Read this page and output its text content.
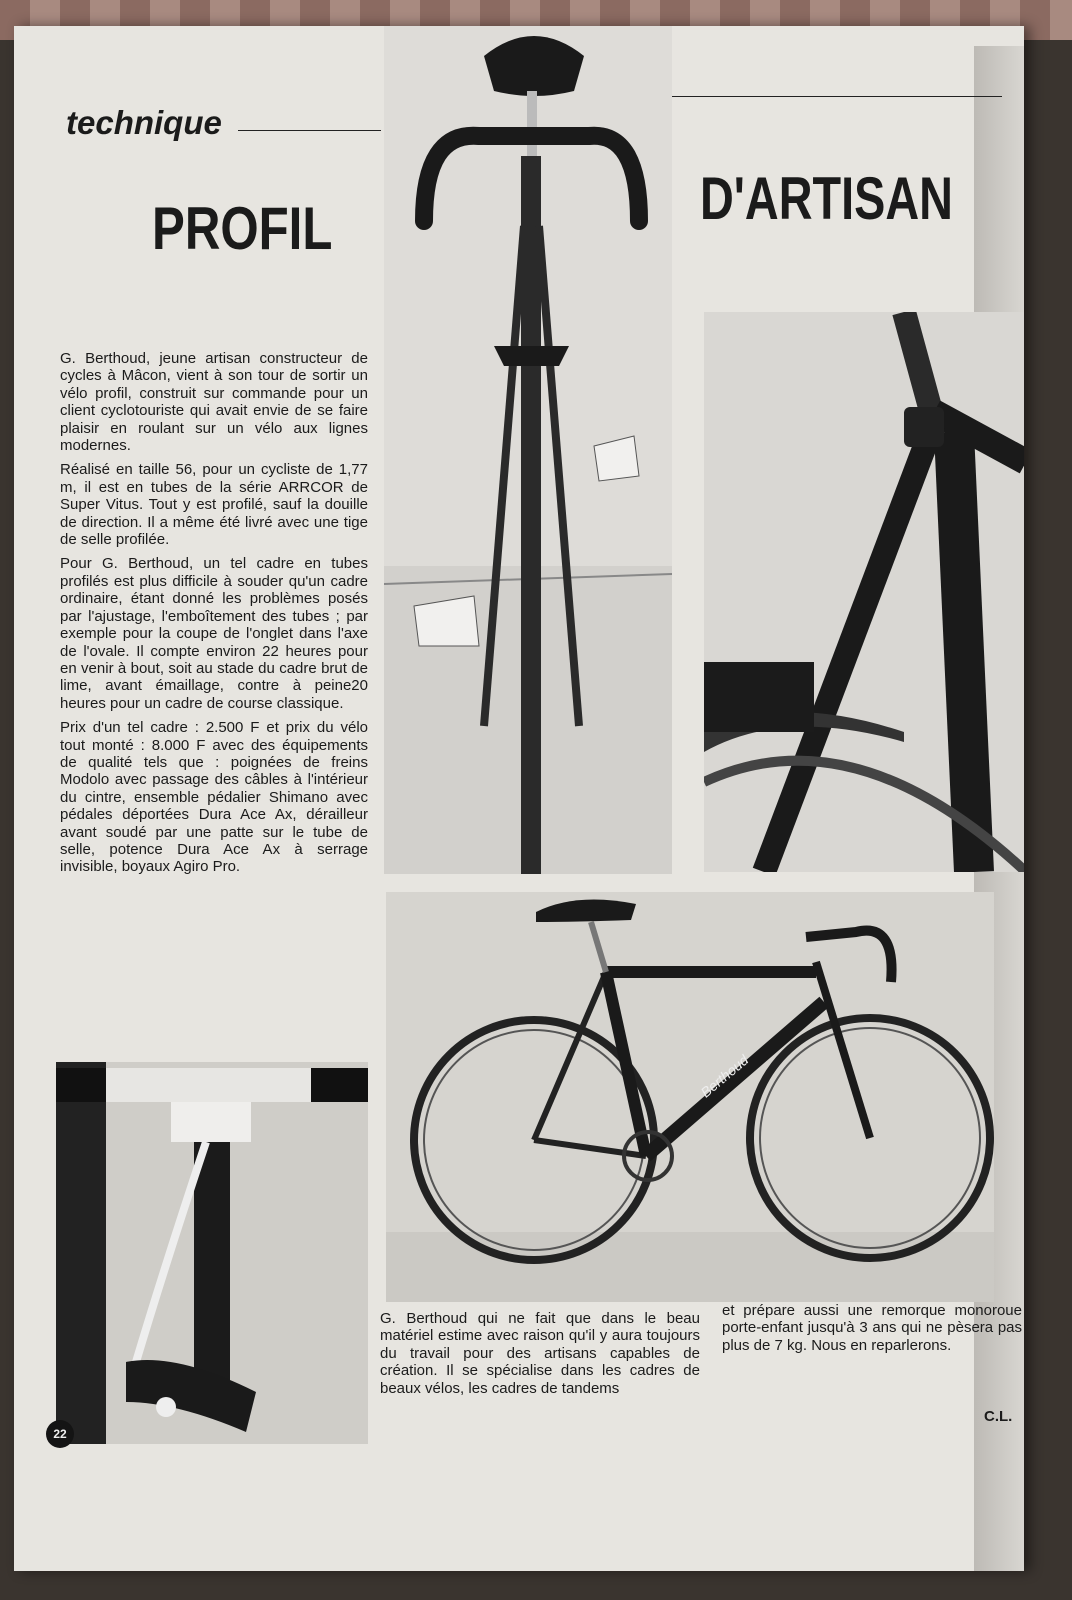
technique
PROFIL	D'ARTISAN

G. Berthoud, jeune artisan constructeur de cycles à Mâcon, vient à son tour de sortir un vélo profil, construit sur commande pour un client cyclotouriste qui avait envie de se faire plaisir en roulant sur un vélo aux lignes modernes.

Réalisé en taille 56, pour un cycliste de 1,77 m, il est en tubes de la série ARRCOR de Super Vitus. Tout y est profilé, sauf la douille de direction. Il a même été livré avec une tige de selle profilée.

Pour G. Berthoud, un tel cadre en tubes profilés est plus difficile à souder qu'un cadre ordinaire, étant donné les problèmes posés par l'ajustage, l'emboîtement des tubes ; par exemple pour la coupe de l'onglet dans l'axe de l'ovale. Il compte environ 22 heures pour en venir à bout, soit au stade du cadre brut de lime, avant émaillage, contre à peine20 heures pour un cadre de course classique.

Prix d'un tel cadre : 2.500 F et prix du vélo tout monté : 8.000 F avec des équipements de qualité tels que : poignées de freins Modolo avec passage des câbles à l'intérieur du cintre, ensemble pédalier Shimano avec pédales déportées Dura Ace Ax, dérailleur avant soudé par une patte sur le tube de selle, potence Dura Ace Ax à serrage invisible, boyaux Agiro Pro.

Berthoud
G. Berthoud qui ne fait que dans le beau matériel estime avec raison qu'il y aura toujours du travail pour des artisans capables de création. Il se spécialise dans les cadres de beaux vélos, les cadres de tandems
et prépare aussi une remorque monoroue porte-enfant jusqu'à 3 ans qui ne pèsera pas plus de 7 kg. Nous en reparlerons.
C.L.
22
